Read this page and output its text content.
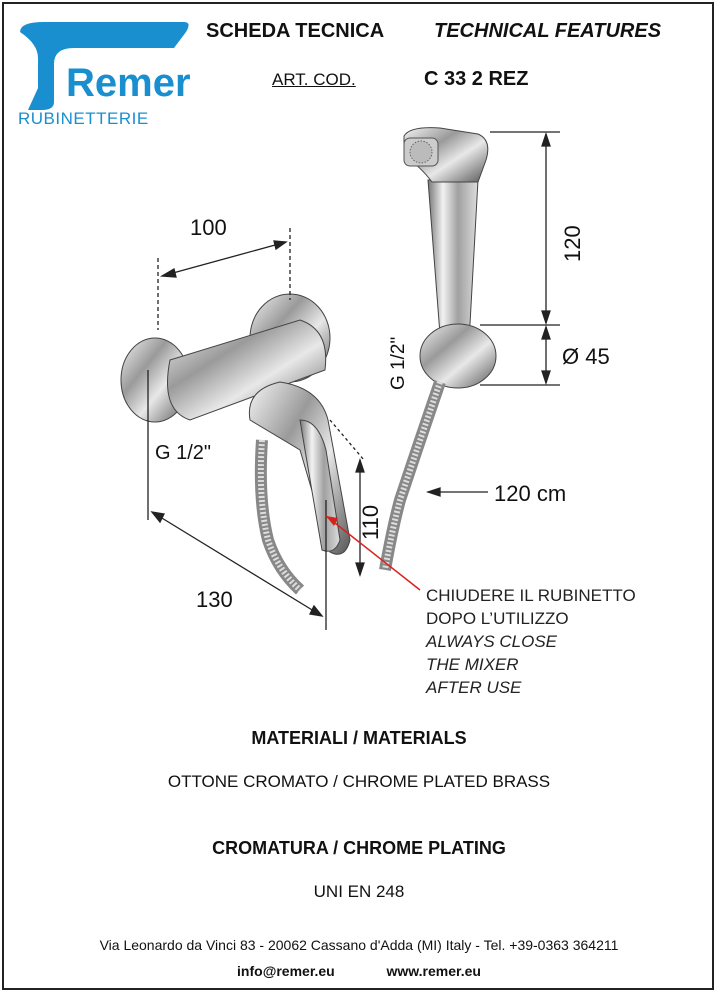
Remer
RUBINETTERIE
SCHEDA TECNICA TECHNICAL FEATURES
ART. COD.	C 33 2 REZ
100
130
G 1/2"
110
120
G 1/2"	Ø 45
120 cm
CHIUDERE IL RUBINETTO
DOPO L’UTILIZZO
ALWAYS CLOSE
THE MIXER
AFTER USE
MATERIALI / MATERIALS
OTTONE CROMATO / CHROME PLATED BRASS
CROMATURA / CHROME PLATING
UNI EN 248
Via Leonardo da Vinci 83 - 20062 Cassano d'Adda (MI) Italy - Tel. +39-0363 364211
info@remer.eu	www.remer.eu
